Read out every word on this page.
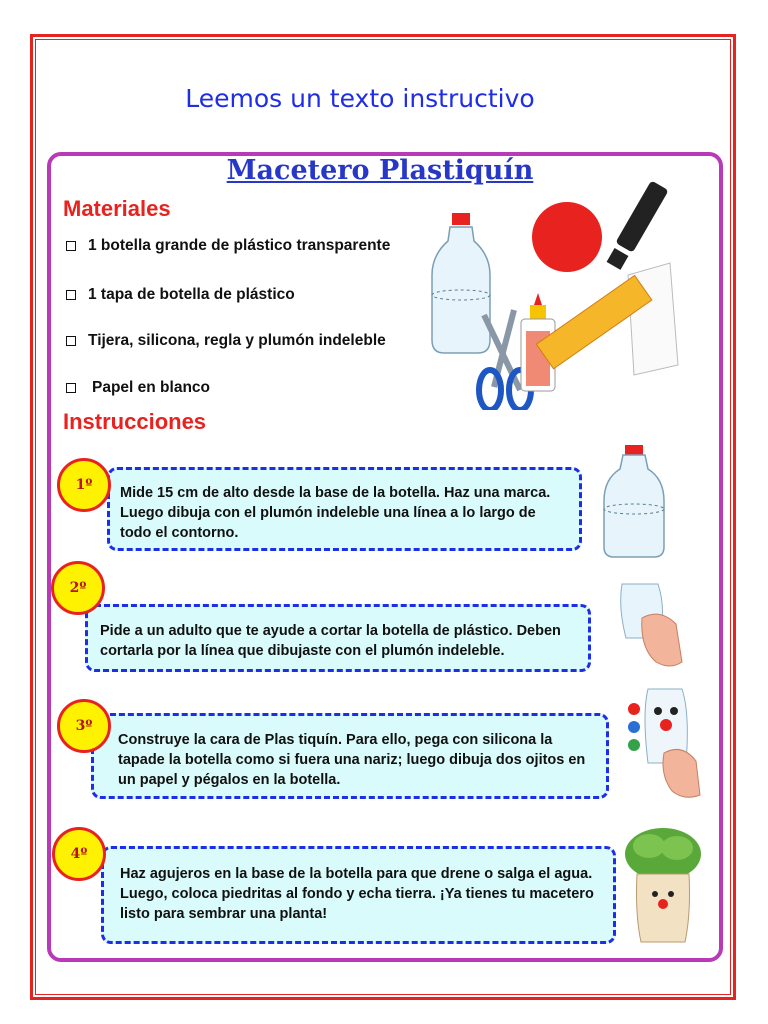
Leemos un texto instructivo
Macetero Plastiquín
Materiales
1 botella grande de plástico transparente
1 tapa de botella de plástico
Tijera, silicona, regla y plumón indeleble
Papel en blanco
Instrucciones
Mide 15 cm de alto desde la base de la botella. Haz una marca. Luego dibuja con el plumón indeleble una línea a lo largo de todo el contorno.
1º
Pide a un adulto que te ayude a cortar la botella de plástico. Deben cortarla por la línea que dibujaste con el plumón indeleble.
2º
Construye la cara de Plas tiquín. Para ello, pega con silicona la tapade la botella como si fuera una nariz; luego dibuja dos ojitos en un papel y pégalos en la botella.
3º
Haz agujeros en la base de la botella para que drene o salga el agua. Luego, coloca piedritas al fondo y echa tierra. ¡Ya tienes tu macetero listo para sembrar una planta!
4º
